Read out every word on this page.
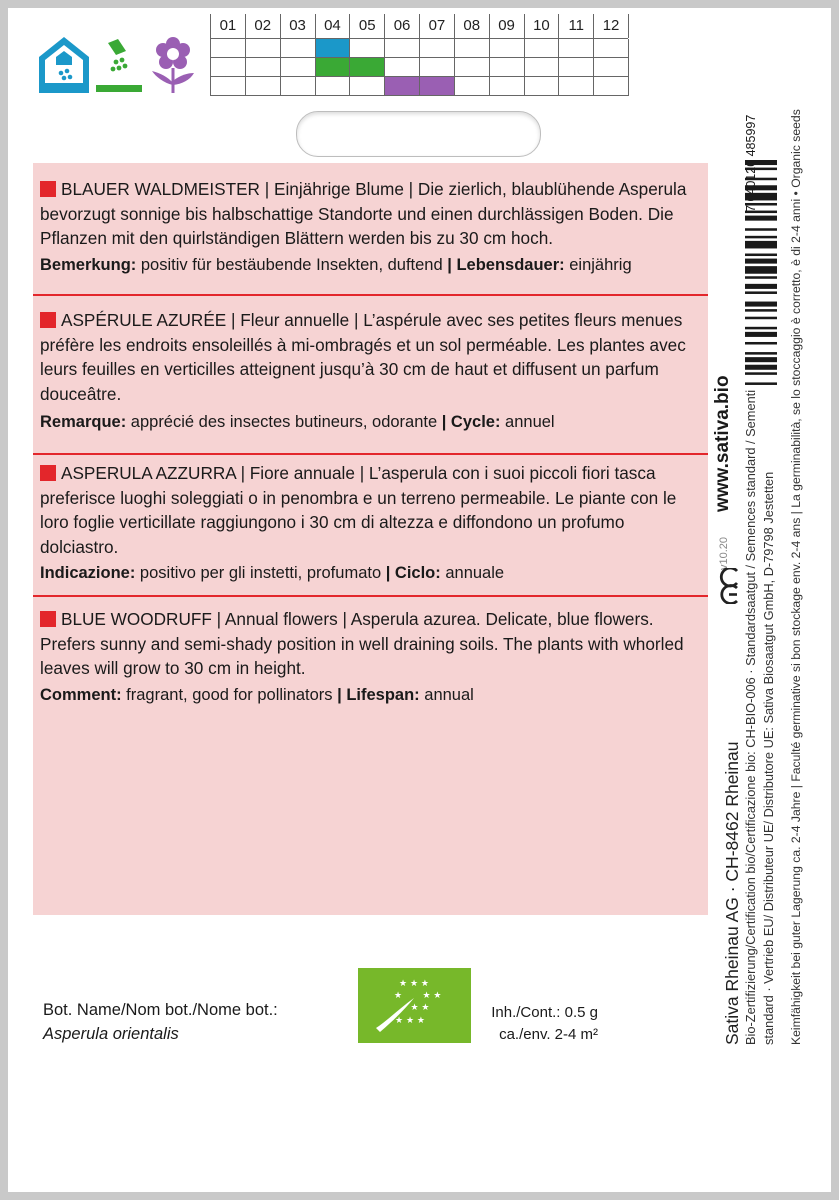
01	02	03	04	05	06	07	08	09	10	11	12
BLAUER WALDMEISTER | Einjährige Blume | Die zierlich, blaublühende Asperula bevorzugt sonnige bis halbschattige Standorte und einen durchlässigen Boden. Die Pflanzen mit den quirlständigen Blättern werden bis zu 30 cm hoch.
Bemerkung: positiv für bestäubende Insekten, duftend | Lebensdauer: einjährig
ASPÉRULE AZURÉE | Fleur annuelle | L’aspérule avec ses petites fleurs menues préfère les endroits ensoleillés à mi-ombragés et un sol perméable. Les plantes avec leurs feuilles en verticilles atteignent jusqu’à 30 cm de haut et diffusent un parfum douceâtre.
Remarque: apprécié des insectes butineurs, odorante | Cycle: annuel
ASPERULA AZZURRA | Fiore annuale | L’asperula con i suoi piccoli fiori tasca preferisce luoghi soleggiati o in penombra e un terreno permeabile. Le piante con le loro foglie verticillate raggiungono i 30 cm di altezza e diffondono un profumo dolciastro.
Indicazione: positivo per gli instetti, profumato | Ciclo: annuale
BLUE WOODRUFF | Annual flowers | Asperula azurea. Delicate, blue flowers. Prefers sunny and semi-shady position in well draining soils. The plants with whorled leaves will grow to 30 cm in height.
Comment: fragrant, good for pollinators | Lifespan: annual
Bot. Name/Nom bot./Nome bot.:
Asperula orientalis
★ ★ ★
★ ★ ★
★ ★
★ ★ ★	Inh./Cont.: 0.5 g
ca./env. 2-4 m²	Sativa Rheinau AG · CH-8462 Rheinau Bio-Zertifizierung/Certification bio/Certificazione bio: CH-BIO-006 · Standardsaatgut / Semences standard / Sementi standard · Vertrieb EU/ Distributeur UE/ Distributore UE: Sativa Biosaatgut GmbH, D-79798 Jestetten Keimfähigkeit bei guter Lagerung ca. 2-4 Jahre | Faculté germinative si bon stockage env. 2-4 ans | La germinabilità, se lo stoccaggio è corretto, è di 2-4 anni • Organic seeds
www.sativa.bio
v10.20
7 640126 485997
